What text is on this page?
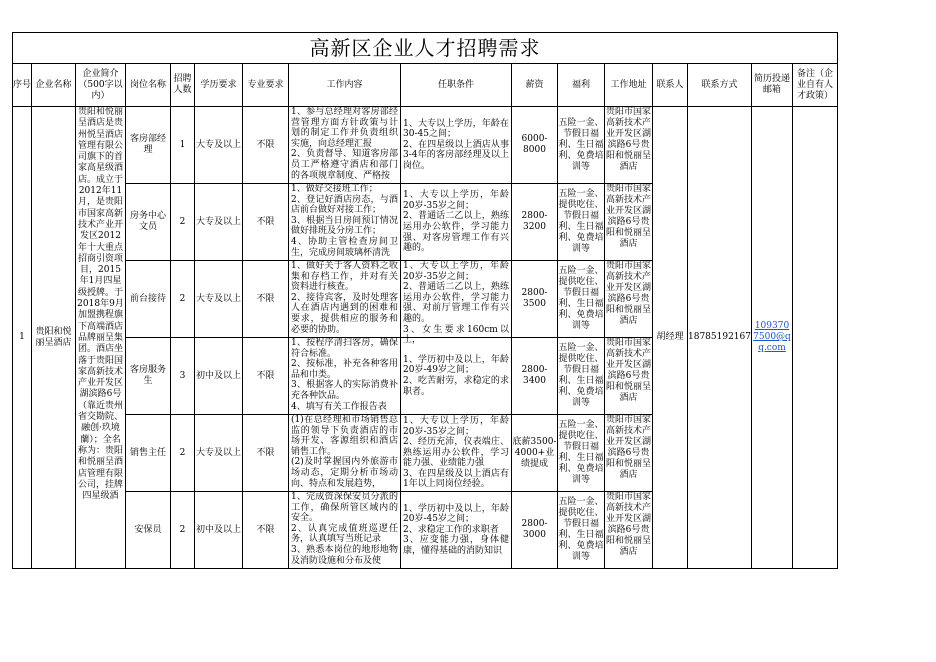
高新区企业人才招聘需求															
序号	企业名称	企业简介（500字以内）	岗位名称	招聘人数	学历要求	专业要求	工作内容	任职条件	薪资	福利	工作地址	联系人	联系方式	简历投递邮箱	备注（企业自有人才政策）
1	贵阳和悦丽呈酒店	贵阳和悦丽呈酒店是贵州悦呈酒店管理有限公司旗下的首家高星级酒店。成立于2012年11月，是贵阳市国家高新技术产业开发区2012年十大重点招商引资项目，2015年1月四星级授牌。于2018年9月加盟携程旗下高端酒店品牌丽呈集团。酒店坐落于贵阳国家高新技术产业开发区湖滨路6号（靠近贵州省交勘院、融创·玖境蘭）；全名称为：贵阳和悦丽呈酒店管理有限公司，挂牌四星级酒	客房部经理	1	大专及以上	不限	1、参与总经理对客房部经营管理方面方针政策与计划的制定工作并负责组织实施，向总经理汇报
2、负责督导、知道客房部员工严格遵守酒店和部门的各项规章制度、严格按	1、大专以上学历，年龄在30-45之间；
2、在四星级以上酒店从事3-4年的客房部经理及以上岗位。	6000-8000	五险一金、节假日福利、生日福利、免费培训等	贵阳市国家高新技术产业开发区湖滨路6号贵阳和悦丽呈酒店	胡经理	18785192167	1093707500@qq.com	
			房务中心文员	2	大专及以上	不限	1、做好交接班工作；
2、登记好酒店房态，与酒店前台做好对接工作；
3、根据当日房间预订情况做好排班及分房工作；
4、协助主管检查房间卫生，完成房间玻璃杯清洗	1、大专以上学历，年龄20岁-35岁之间；
2、普通话二乙以上，熟练运用办公软件，学习能力强、对客房管理工作有兴趣的。	2800-3200	五险一金、提供吃住、节假日福利、生日福利、免费培训等	贵阳市国家高新技术产业开发区湖滨路6号贵阳和悦丽呈酒店				

			前台接待	2	大专及以上	不限	1、做好关于客人资料之收集和存档工作，并对有关资料进行核查。
2、接待宾客，及时处理客人在酒店内遇到的困难和要求，提供相应的服务和必要的协助。	1、大专以上学历，年龄20岁-35岁之间；
2、普通话二乙以上，熟练运用办公软件，学习能力强、对前厅管理工作有兴趣的。
3、女生要求160cm以上，	2800-3500	五险一金、提供吃住、节假日福利、生日福利、免费培训等	贵阳市国家高新技术产业开发区湖滨路6号贵阳和悦丽呈酒店				

			客房服务生	3	初中及以上	不限	1、按程序清扫客房，确保符合标准。
2、按标准，补充各种客用品和巾类。
3、根据客人的实际消费补充各种饮品。
4、填写有关工作报告表	1、学历初中及以上，年龄20岁-49岁之间；
2、吃苦耐劳，求稳定的求职者。	2800-3400	五险一金、提供吃住、节假日福利、生日福利、免费培训等	贵阳市国家高新技术产业开发区湖滨路6号贵阳和悦丽呈酒店				

			销售主任	2	大专及以上	不限	(1)在总经理和市场销售总监的领导下负责酒店的市场开发、客源组织和酒店销售工作。
(2)及时掌握国内外旅游市场动态，定期分析市场动向、特点和发展趋势，	1、大专以上学历，年龄20岁-35岁之间；
2、经历充沛，仪表端庄、熟练运用办公软件，学习能力强、业绩能力强
3、在四星级及以上酒店有1年以上同岗位经验。	底薪3500-4000+业绩提成	五险一金、提供吃住、节假日福利、生日福利、免费培训等	贵阳市国家高新技术产业开发区湖滨路6号贵阳和悦丽呈酒店				

			安保员	2	初中及以上	不限	1、完成资深保安员分派的工作，确保所管区域内的安全。
2、认真完成值班巡逻任务，认真填写当班记录
3、熟悉本岗位的地形地物及消防设施和分布及使	1、学历初中及以上，年龄20岁-45岁之间；
2、求稳定工作的求职者
3、应变能力强，身体健康，懂得基础的消防知识	2800-3000	五险一金、提供吃住、节假日福利、生日福利、免费培训等	贵阳市国家高新技术产业开发区湖滨路6号贵阳和悦丽呈酒店				
